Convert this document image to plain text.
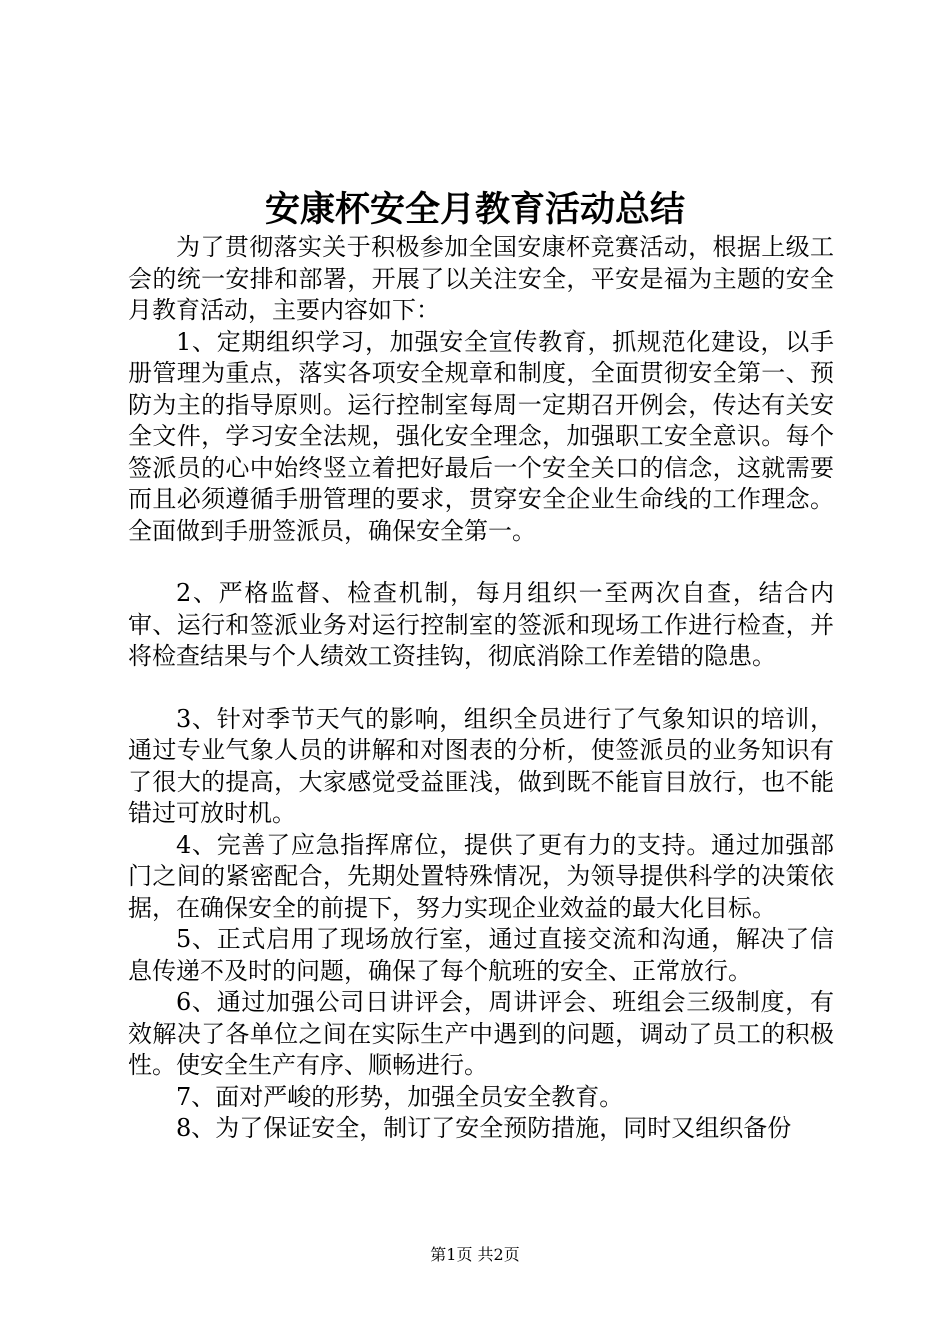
安康杯安全月教育活动总结

为了贯彻落实关于积极参加全国安康杯竞赛活动，根据上级工会的统一安排和部署，开展了以关注安全，平安是福为主题的安全月教育活动，主要内容如下：

1、定期组织学习，加强安全宣传教育，抓规范化建设，以手册管理为重点，落实各项安全规章和制度，全面贯彻安全第一、预防为主的指导原则。运行控制室每周一定期召开例会，传达有关安全文件，学习安全法规，强化安全理念，加强职工安全意识。每个签派员的心中始终竖立着把好最后一个安全关口的信念，这就需要而且必须遵循手册管理的要求，贯穿安全企业生命线的工作理念。全面做到手册签派员，确保安全第一。

2、严格监督、检查机制，每月组织一至两次自查，结合内审、运行和签派业务对运行控制室的签派和现场工作进行检查，并将检查结果与个人绩效工资挂钩，彻底消除工作差错的隐患。

3、针对季节天气的影响，组织全员进行了气象知识的培训，通过专业气象人员的讲解和对图表的分析，使签派员的业务知识有了很大的提高，大家感觉受益匪浅，做到既不能盲目放行，也不能错过可放时机。

4、完善了应急指挥席位，提供了更有力的支持。通过加强部门之间的紧密配合，先期处置特殊情况，为领导提供科学的决策依据，在确保安全的前提下，努力实现企业效益的最大化目标。

5、正式启用了现场放行室，通过直接交流和沟通，解决了信息传递不及时的问题，确保了每个航班的安全、正常放行。

6、通过加强公司日讲评会，周讲评会、班组会三级制度，有效解决了各单位之间在实际生产中遇到的问题，调动了员工的积极性。使安全生产有序、顺畅进行。

7、面对严峻的形势，加强全员安全教育。

8、为了保证安全，制订了安全预防措施，同时又组织备份

第1页 共2页
